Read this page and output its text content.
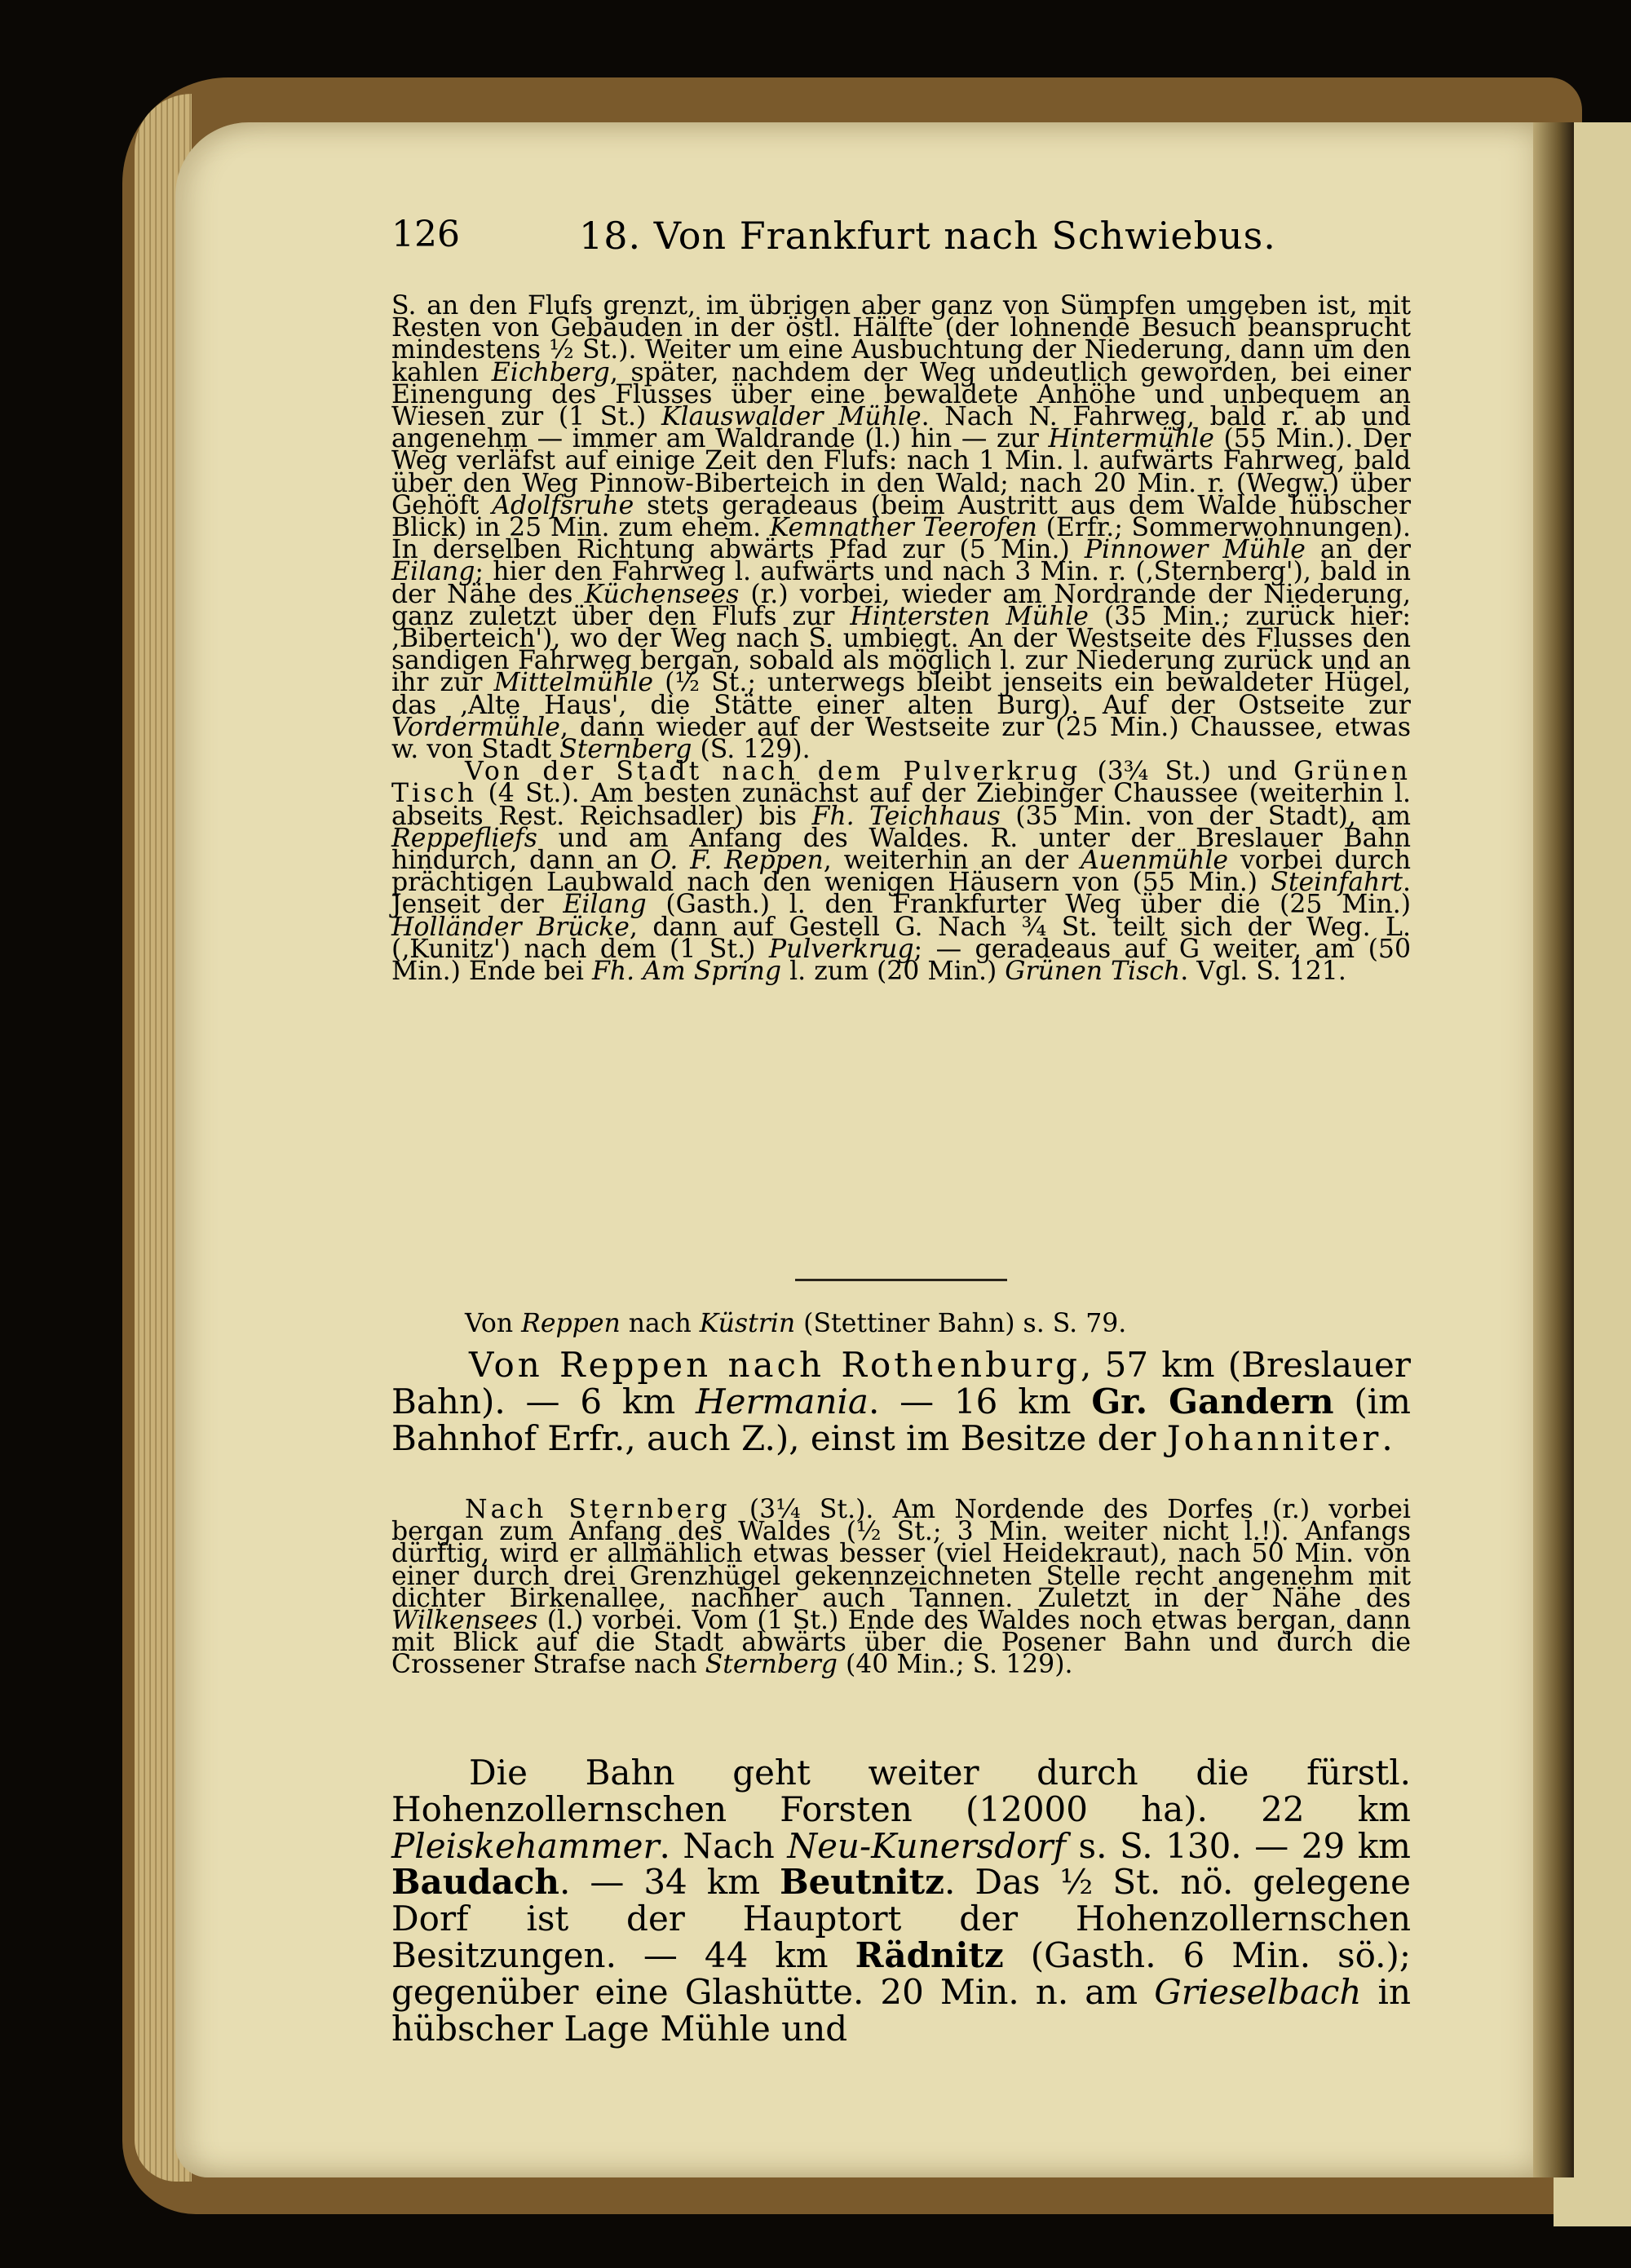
126	18. Von Frankfurt nach Schwiebus.

S. an den Flufs grenzt, im übrigen aber ganz von Sümpfen umgeben ist, mit Resten von Gebäuden in der östl. Hälfte (der lohnende Besuch beansprucht mindestens ½ St.). Weiter um eine Ausbuchtung der Niederung, dann um den kahlen Eichberg, später, nachdem der Weg undeutlich geworden, bei einer Einengung des Flusses über eine bewaldete Anhöhe und unbequem an Wiesen zur (1 St.) Klauswalder Mühle. Nach N. Fahrweg, bald r. ab und angenehm — immer am Waldrande (l.) hin — zur Hintermühle (55 Min.). Der Weg verläfst auf einige Zeit den Flufs: nach 1 Min. l. aufwärts Fahrweg, bald über den Weg Pinnow-Biberteich in den Wald; nach 20 Min. r. (Wegw.) über Gehöft Adolfsruhe stets geradeaus (beim Austritt aus dem Walde hübscher Blick) in 25 Min. zum ehem. Kemnather Teerofen (Erfr.; Sommerwohnungen). In derselben Richtung abwärts Pfad zur (5 Min.) Pinnower Mühle an der Eilang; hier den Fahrweg l. aufwärts und nach 3 Min. r. (‚Sternberg'), bald in der Nähe des Küchensees (r.) vorbei, wieder am Nordrande der Niederung, ganz zuletzt über den Flufs zur Hintersten Mühle (35 Min.; zurück hier: ‚Biberteich'), wo der Weg nach S. umbiegt. An der Westseite des Flusses den sandigen Fahrweg bergan, sobald als möglich l. zur Niederung zurück und an ihr zur Mittelmühle (½ St.; unterwegs bleibt jenseits ein bewaldeter Hügel, das ‚Alte Haus', die Stätte einer alten Burg). Auf der Ostseite zur Vordermühle, dann wieder auf der Westseite zur (25 Min.) Chaussee, etwas w. von Stadt Sternberg (S. 129).

Von der Stadt nach dem Pulverkrug (3¾ St.) und Grünen Tisch (4 St.). Am besten zunächst auf der Ziebinger Chaussee (weiterhin l. abseits Rest. Reichsadler) bis Fh. Teichhaus (35 Min. von der Stadt), am Reppefliefs und am Anfang des Waldes. R. unter der Breslauer Bahn hindurch, dann an O. F. Reppen, weiterhin an der Auenmühle vorbei durch prächtigen Laubwald nach den wenigen Häusern von (55 Min.) Steinfahrt. Jenseit der Eilang (Gasth.) l. den Frankfurter Weg über die (25 Min.) Holländer Brücke, dann auf Gestell G. Nach ¾ St. teilt sich der Weg. L. (‚Kunitz') nach dem (1 St.) Pulverkrug; — geradeaus auf G weiter, am (50 Min.) Ende bei Fh. Am Spring l. zum (20 Min.) Grünen Tisch. Vgl. S. 121.

Von Reppen nach Küstrin (Stettiner Bahn) s. S. 79.

Von Reppen nach Rothenburg, 57 km (Breslauer Bahn). — 6 km Hermania. — 16 km Gr. Gandern (im Bahnhof Erfr., auch Z.), einst im Besitze der Johanniter.

Nach Sternberg (3¼ St.). Am Nordende des Dorfes (r.) vorbei bergan zum Anfang des Waldes (½ St.; 3 Min. weiter nicht l.!). Anfangs dürftig, wird er allmählich etwas besser (viel Heidekraut), nach 50 Min. von einer durch drei Grenzhügel gekennzeichneten Stelle recht angenehm mit dichter Birkenallee, nachher auch Tannen. Zuletzt in der Nähe des Wilkensees (l.) vorbei. Vom (1 St.) Ende des Waldes noch etwas bergan, dann mit Blick auf die Stadt abwärts über die Posener Bahn und durch die Crossener Strafse nach Sternberg (40 Min.; S. 129).

Die Bahn geht weiter durch die fürstl. Hohenzollernschen Forsten (12000 ha). 22 km Pleiskehammer. Nach Neu-Kunersdorf s. S. 130. — 29 km Baudach. — 34 km Beutnitz. Das ½ St. nö. gelegene Dorf ist der Hauptort der Hohenzollernschen Besitzungen. — 44 km Rädnitz (Gasth. 6 Min. sö.); gegenüber eine Glashütte. 20 Min. n. am Grieselbach in hübscher Lage Mühle und
